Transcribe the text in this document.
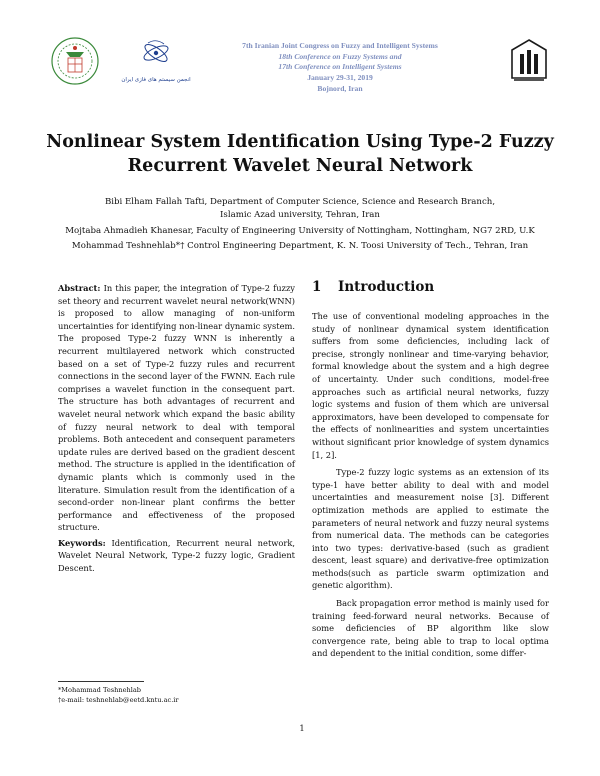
انجمن سیستم های فازی ایران
7th Iranian Joint Congress on Fuzzy and Intelligent Systems
18th Conference on Fuzzy Systems and
17th Conference on Intelligent Systems
January 29-31, 2019
Bojnord, Iran
Nonlinear System Identification Using Type-2 Fuzzy
Recurrent Wavelet Neural Network
Bibi Elham Fallah Tafti, Department of Computer Science, Science and Research Branch,
Islamic Azad university, Tehran, Iran
Mojtaba Ahmadieh Khanesar, Faculty of Engineering University of Nottingham, Nottingham, NG7 2RD, U.K
Mohammad Teshnehlab*† Control Engineering Department, K. N. Toosi University of Tech., Tehran, Iran

Abstract: In this paper, the integration of Type-2 fuzzy set theory and recurrent wavelet neural network(WNN) is proposed to allow managing of non-uniform uncertainties for identifying non-linear dynamic system. The proposed Type-2 fuzzy WNN is inherently a recurrent multilayered network which constructed based on a set of Type-2 fuzzy rules and recurrent connections in the second layer of the FWNN. Each rule comprises a wavelet function in the consequent part. The structure has both advantages of recurrent and wavelet neural network which expand the basic ability of fuzzy neural network to deal with temporal problems. Both antecedent and consequent parameters update rules are derived based on the gradient descent method. The structure is applied in the identification of dynamic plants which is commonly used in the literature. Simulation result from the identification of a second-order non-linear plant confirms the better performance and effectiveness of the proposed structure.

Keywords: Identification, Recurrent neural network, Wavelet Neural Network, Type-2 fuzzy logic, Gradient Descent.

1 Introduction

The use of conventional modeling approaches in the study of nonlinear dynamical system identification suffers from some deficiencies, including lack of precise, strongly nonlinear and time-varying behavior, formal knowledge about the system and a high degree of uncertainty. Under such conditions, model-free approaches such as artificial neural networks, fuzzy logic systems and fusion of them which are universal approximators, have been developed to compensate for the effects of nonlinearities and system uncertainties without significant prior knowledge of system dynamics [1, 2].

Type-2 fuzzy logic systems as an extension of its type-1 have better ability to deal with and model uncertainties and measurement noise [3]. Different optimization methods are applied to estimate the parameters of neural network and fuzzy neural systems from numerical data. The methods can be categories into two types: derivative-based (such as gradient descent, least square) and derivative-free optimization methods(such as particle swarm optimization and genetic algorithm).

Back propagation error method is mainly used for training feed-forward neural networks. Because of some deficiencies of BP algorithm like slow convergence rate, being able to trap to local optima and dependent to the initial condition, some differ-

*Mohammad Teshnehlab
†e-mail: teshnehlab@eetd.kntu.ac.ir
1
